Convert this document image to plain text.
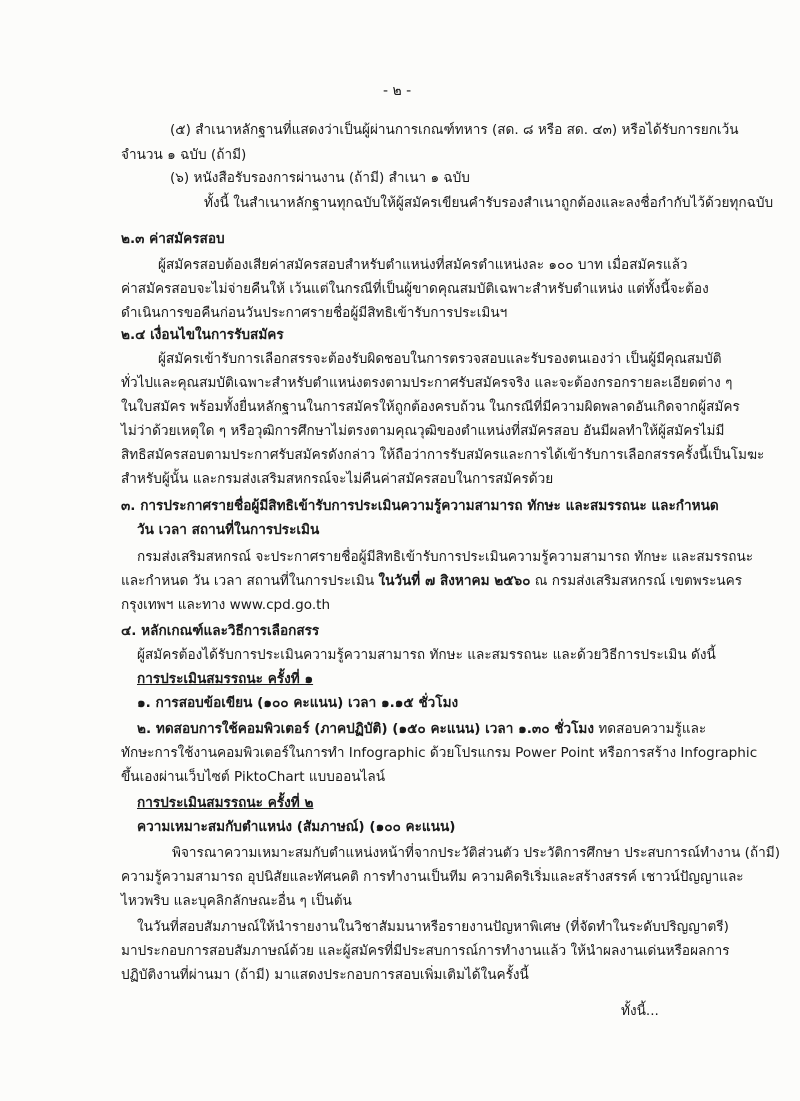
- ๒ -

(๕) สำเนาหลักฐานที่แสดงว่าเป็นผู้ผ่านการเกณฑ์ทหาร (สด. ๘ หรือ สด. ๔๓) หรือได้รับการยกเว้น

จำนวน ๑ ฉบับ (ถ้ามี)

(๖) หนังสือรับรองการผ่านงาน (ถ้ามี) สำเนา ๑ ฉบับ

ทั้งนี้ ในสำเนาหลักฐานทุกฉบับให้ผู้สมัครเขียนคำรับรองสำเนาถูกต้องและลงชื่อกำกับไว้ด้วยทุกฉบับ

๒.๓ ค่าสมัครสอบ

ผู้สมัครสอบต้องเสียค่าสมัครสอบสำหรับตำแหน่งที่สมัครตำแหน่งละ ๑๐๐ บาท เมื่อสมัครแล้ว

ค่าสมัครสอบจะไม่จ่ายคืนให้ เว้นแต่ในกรณีที่เป็นผู้ขาดคุณสมบัติเฉพาะสำหรับตำแหน่ง แต่ทั้งนี้จะต้อง

ดำเนินการขอคืนก่อนวันประกาศรายชื่อผู้มีสิทธิเข้ารับการประเมินฯ

๒.๔ เงื่อนไขในการรับสมัคร

ผู้สมัครเข้ารับการเลือกสรรจะต้องรับผิดชอบในการตรวจสอบและรับรองตนเองว่า เป็นผู้มีคุณสมบัติ

ทั่วไปและคุณสมบัติเฉพาะสำหรับตำแหน่งตรงตามประกาศรับสมัครจริง และจะต้องกรอกรายละเอียดต่าง ๆ

ในใบสมัคร พร้อมทั้งยื่นหลักฐานในการสมัครให้ถูกต้องครบถ้วน ในกรณีที่มีความผิดพลาดอันเกิดจากผู้สมัคร

ไม่ว่าด้วยเหตุใด ๆ หรือวุฒิการศึกษาไม่ตรงตามคุณวุฒิของตำแหน่งที่สมัครสอบ อันมีผลทำให้ผู้สมัครไม่มี

สิทธิสมัครสอบตามประกาศรับสมัครดังกล่าว ให้ถือว่าการรับสมัครและการได้เข้ารับการเลือกสรรครั้งนี้เป็นโมฆะ

สำหรับผู้นั้น และกรมส่งเสริมสหกรณ์จะไม่คืนค่าสมัครสอบในการสมัครด้วย

๓. การประกาศรายชื่อผู้มีสิทธิเข้ารับการประเมินความรู้ความสามารถ ทักษะ และสมรรถนะ และกำหนด

วัน เวลา สถานที่ในการประเมิน

กรมส่งเสริมสหกรณ์ จะประกาศรายชื่อผู้มีสิทธิเข้ารับการประเมินความรู้ความสามารถ ทักษะ และสมรรถนะ

และกำหนด วัน เวลา สถานที่ในการประเมิน ในวันที่ ๗ สิงหาคม ๒๕๖๐ ณ กรมส่งเสริมสหกรณ์ เขตพระนคร

กรุงเทพฯ และทาง www.cpd.go.th

๔. หลักเกณฑ์และวิธีการเลือกสรร

ผู้สมัครต้องได้รับการประเมินความรู้ความสามารถ ทักษะ และสมรรถนะ และด้วยวิธีการประเมิน ดังนี้

การประเมินสมรรถนะ ครั้งที่ ๑

๑. การสอบข้อเขียน (๑๐๐ คะแนน) เวลา ๑.๑๕ ชั่วโมง

๒. ทดสอบการใช้คอมพิวเตอร์ (ภาคปฏิบัติ) (๑๕๐ คะแนน) เวลา ๑.๓๐ ชั่วโมง ทดสอบความรู้และ

ทักษะการใช้งานคอมพิวเตอร์ในการทำ Infographic ด้วยโปรแกรม Power Point หรือการสร้าง Infographic

ขึ้นเองผ่านเว็บไซต์ PiktoChart แบบออนไลน์

การประเมินสมรรถนะ ครั้งที่ ๒

ความเหมาะสมกับตำแหน่ง (สัมภาษณ์) (๑๐๐ คะแนน)

พิจารณาความเหมาะสมกับตำแหน่งหน้าที่จากประวัติส่วนตัว ประวัติการศึกษา ประสบการณ์ทำงาน (ถ้ามี)

ความรู้ความสามารถ อุปนิสัยและทัศนคติ การทำงานเป็นทีม ความคิดริเริ่มและสร้างสรรค์ เชาวน์ปัญญาและ

ไหวพริบ และบุคลิกลักษณะอื่น ๆ เป็นต้น

ในวันที่สอบสัมภาษณ์ให้นำรายงานในวิชาสัมมนาหรือรายงานปัญหาพิเศษ (ที่จัดทำในระดับปริญญาตรี)

มาประกอบการสอบสัมภาษณ์ด้วย และผู้สมัครที่มีประสบการณ์การทำงานแล้ว ให้นำผลงานเด่นหรือผลการ

ปฏิบัติงานที่ผ่านมา (ถ้ามี) มาแสดงประกอบการสอบเพิ่มเติมได้ในครั้งนี้

ทั้งนี้...
